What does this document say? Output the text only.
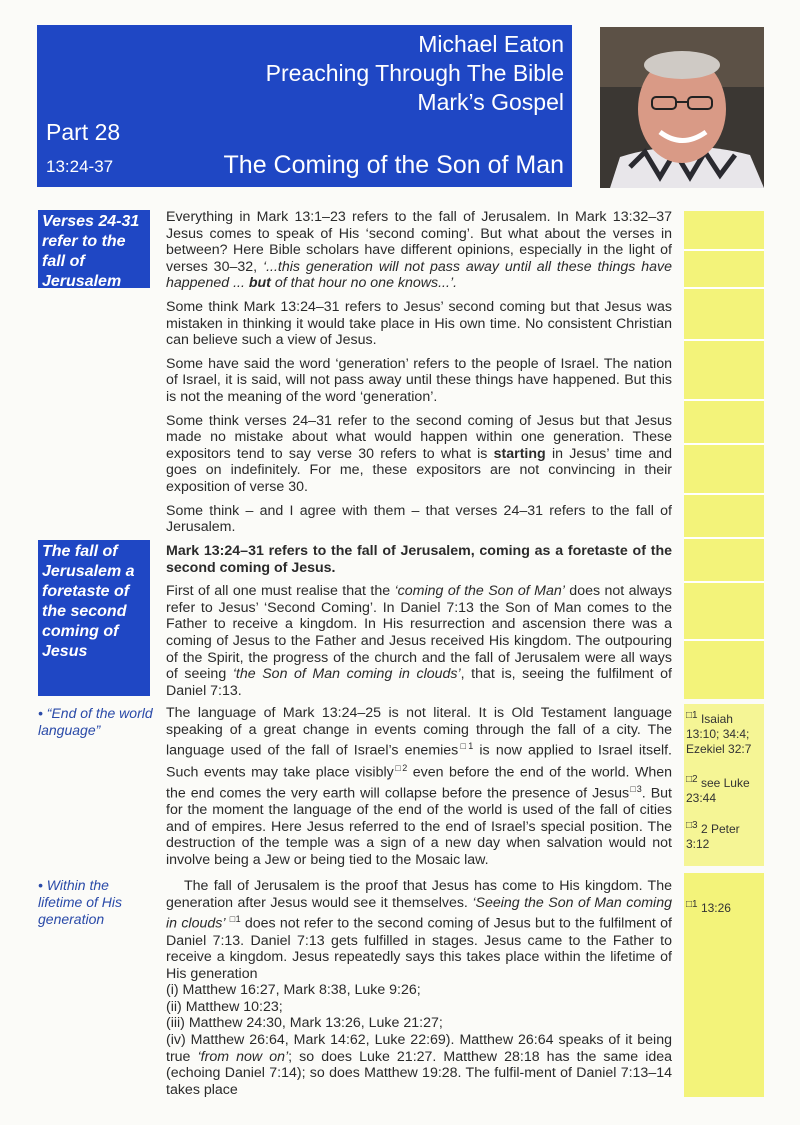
Michael Eaton
Preaching Through The Bible
Mark’s Gospel
Part 28
13:24-37	The Coming of the Son of Man
Verses 24-31 refer to the fall of Jerusalem

Everything in Mark 13:1–23 refers to the fall of Jerusalem. In Mark 13:32–37 Jesus comes to speak of His ‘second coming’. But what about the verses in between? Here Bible scholars have different opinions, especially in the light of verses 30–32, ‘...this generation will not pass away until all these things have happened ... but of that hour no one knows...’.

Some think Mark 13:24–31 refers to Jesus’ second coming but that Jesus was mistaken in thinking it would take place in His own time. No consistent Christian can believe such a view of Jesus.

Some have said the word ‘generation’ refers to the people of Israel. The nation of Israel, it is said, will not pass away until these things have happened. But this is not the meaning of the word ‘generation’.

Some think verses 24–31 refer to the second coming of Jesus but that Jesus made no mistake about what would happen within one generation. These expositors tend to say verse 30 refers to what is starting in Jesus’ time and goes on indefinitely. For me, these expositors are not convincing in their exposition of verse 30.

Some think – and I agree with them – that verses 24–31 refers to the fall of Jerusalem.

The fall of Jerusalem a foretaste of the second coming of Jesus

Mark 13:24–31 refers to the fall of Jerusalem, coming as a foretaste of the second coming of Jesus.

First of all one must realise that the ‘coming of the Son of Man’ does not always refer to Jesus’ ‘Second Coming’. In Daniel 7:13 the Son of Man comes to the Father to receive a kingdom. In His resurrection and ascension there was a coming of Jesus to the Father and Jesus received His kingdom. The outpouring of the Spirit, the progress of the church and the fall of Jerusalem were all ways of seeing ‘the Son of Man coming in clouds’, that is, seeing the fulfilment of Daniel 7:13.

• “End of the world language”

The language of Mark 13:24–25 is not literal. It is Old Testament language speaking of a great change in events coming through the fall of a city. The language used of the fall of Israel’s enemies$^{□1}$ is now applied to Israel itself. Such events may take place visibly$^{□2}$ even before the end of the world. When the end comes the very earth will collapse before the presence of Jesus$^{□3}$. But for the moment the language of the end of the world is used of the fall of cities and of empires. Here Jesus referred to the end of Israel’s special position. The destruction of the temple was a sign of a new day when salvation would not involve being a Jew or being tied to the Mosaic law.

$^{□1}$ Isaiah 13:10; 34:4; Ezekiel 32:7
$^{□2}$ see Luke 23:44
$^{□3}$ 2 Peter 3:12
• Within the lifetime of His generation

The fall of Jerusalem is the proof that Jesus has come to His kingdom. The generation after Jesus would see it themselves. ‘Seeing the Son of Man coming in clouds’ $^{□1}$ does not refer to the second coming of Jesus but to the fulfilment of Daniel 7:13. Daniel 7:13 gets fulfilled in stages. Jesus came to the Father to receive a kingdom. Jesus repeatedly says this takes place within the lifetime of His generation

(i) Matthew 16:27, Mark 8:38, Luke 9:26;
(ii) Matthew 10:23;
(iii) Matthew 24:30, Mark 13:26, Luke 21:27;

(iv) Matthew 26:64, Mark 14:62, Luke 22:69). Matthew 26:64 speaks of it being true ‘from now on’; so does Luke 21:27. Matthew 28:18 has the same idea (echoing Daniel 7:14); so does Matthew 19:28. The fulfil-ment of Daniel 7:13–14 takes place

$^{□1}$ 13:26
